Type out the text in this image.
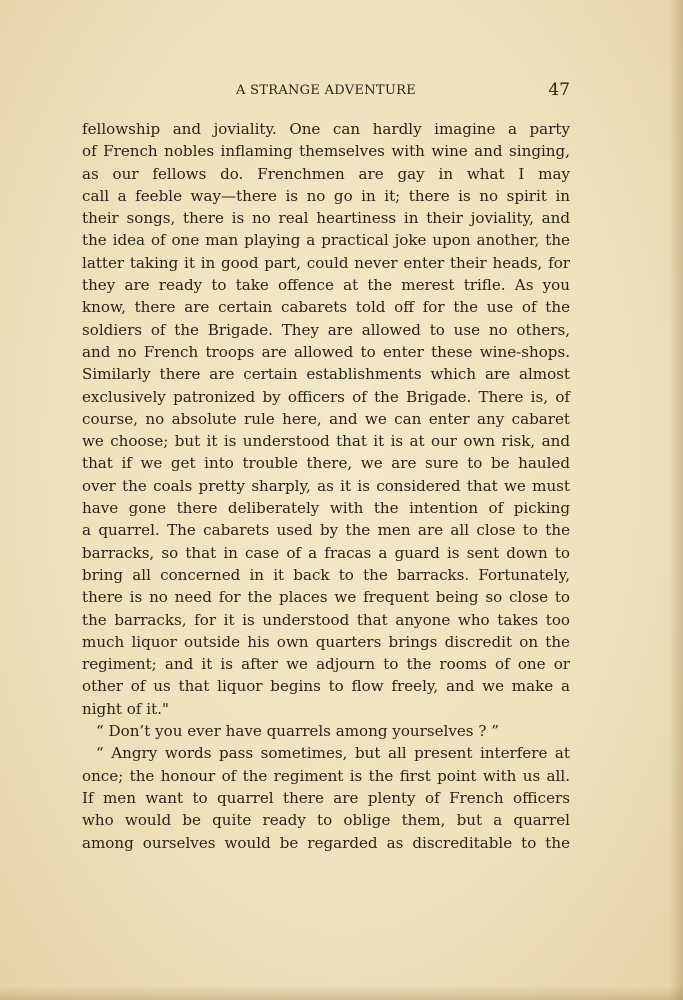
A STRANGE ADVENTURE	47
fellowship and joviality. One can hardly imagine a party
of French nobles inflaming themselves with wine and singing,
as our fellows do. Frenchmen are gay in what I may
call a feeble way—there is no go in it; there is no spirit in
their songs, there is no real heartiness in their joviality, and
the idea of one man playing a practical joke upon another, the
latter taking it in good part, could never enter their heads, for
they are ready to take offence at the merest trifle. As you
know, there are certain cabarets told off for the use of the
soldiers of the Brigade. They are allowed to use no others,
and no French troops are allowed to enter these wine-shops.
Similarly there are certain establishments which are almost
exclusively patronized by officers of the Brigade. There is, of
course, no absolute rule here, and we can enter any cabaret
we choose; but it is understood that it is at our own risk, and
that if we get into trouble there, we are sure to be hauled
over the coals pretty sharply, as it is considered that we must
have gone there deliberately with the intention of picking
a quarrel. The cabarets used by the men are all close to the
barracks, so that in case of a fracas a guard is sent down to
bring all concerned in it back to the barracks. Fortunately,
there is no need for the places we frequent being so close to
the barracks, for it is understood that anyone who takes too
much liquor outside his own quarters brings discredit on the
regiment; and it is after we adjourn to the rooms of one or
other of us that liquor begins to flow freely, and we make a
night of it."
“ Don’t you ever have quarrels among yourselves ? ”
“ Angry words pass sometimes, but all present interfere at
once; the honour of the regiment is the first point with us all.
If men want to quarrel there are plenty of French officers
who would be quite ready to oblige them, but a quarrel
among ourselves would be regarded as discreditable to the
